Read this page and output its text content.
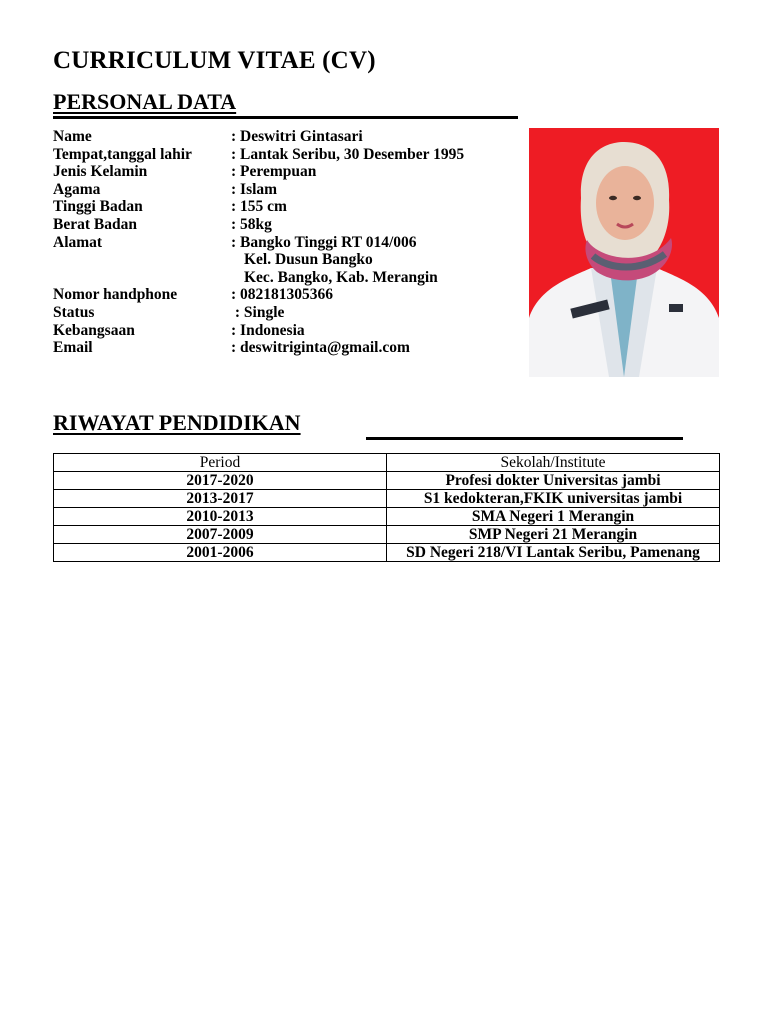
CURRICULUM VITAE (CV)
PERSONAL DATA
Name	: Deswitri Gintasari
Tempat,tanggal lahir	: Lantak Seribu, 30 Desember 1995
Jenis Kelamin	: Perempuan
Agama	: Islam
Tinggi Badan	: 155 cm
Berat Badan	: 58kg
Alamat	: Bangko Tinggi RT 014/006
Kel. Dusun Bangko
Kec. Bangko, Kab. Merangin
Nomor handphone	: 082181305366
Status	: Single
Kebangsaan	: Indonesia
Email	: deswitriginta@gmail.com
RIWAYAT PENDIDIKAN
Period	Sekolah/Institute
2017-2020	Profesi dokter Universitas jambi
2013-2017	S1 kedokteran,FKIK universitas jambi
2010-2013	SMA Negeri 1 Merangin
2007-2009	SMP Negeri 21 Merangin
2001-2006	SD Negeri 218/VI Lantak Seribu, Pamenang
